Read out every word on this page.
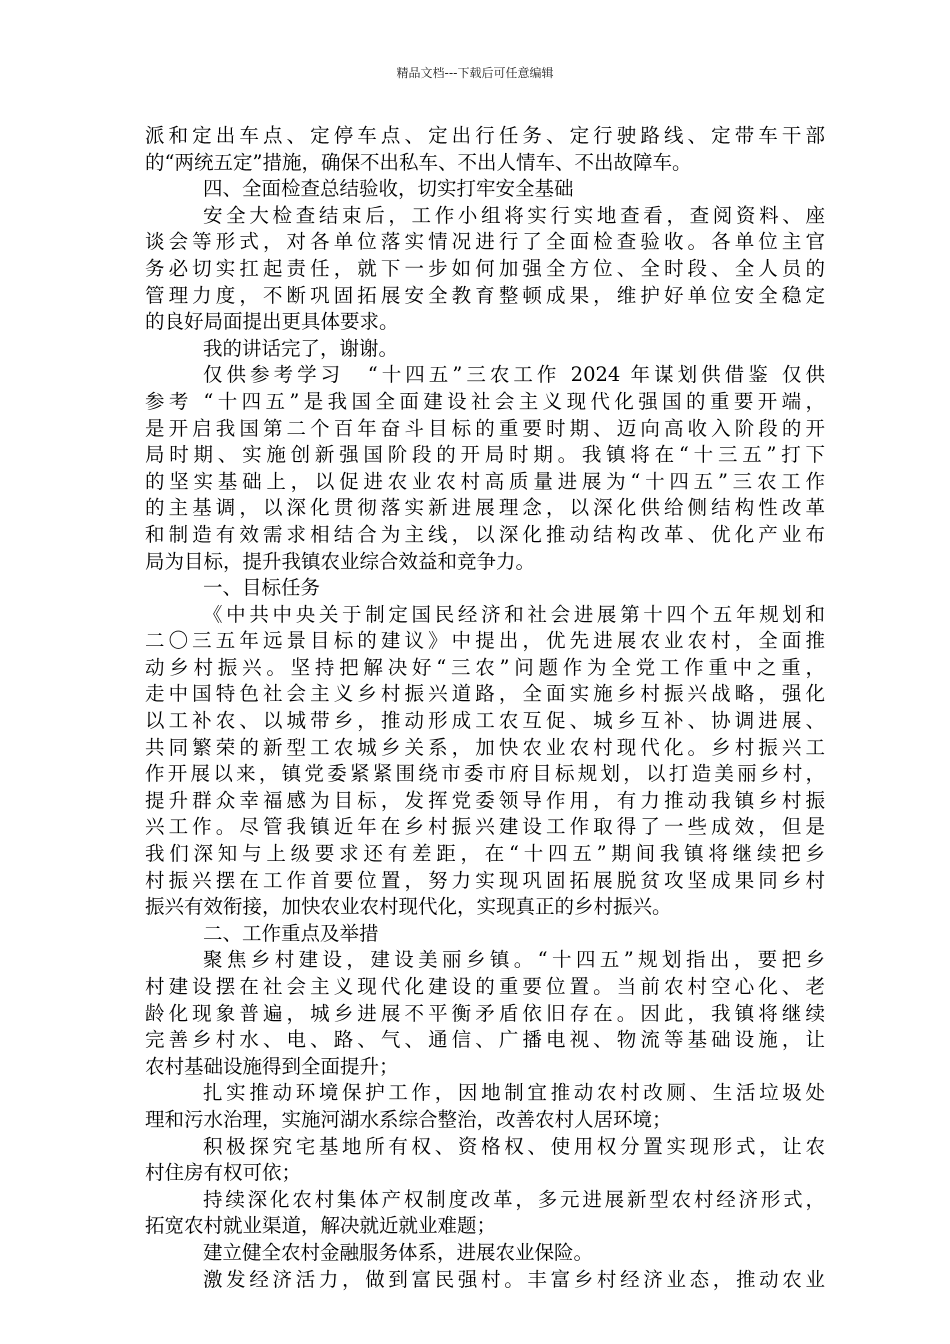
精品文档---下载后可任意编辑
派和定出车点、定停车点、定出行任务、定行驶路线、定带车干部
的“两统五定”措施，确保不出私车、不出人情车、不出故障车。
四、全面检查总结验收，切实打牢安全基础
安全大检查结束后，工作小组将实行实地查看，查阅资料、座
谈会等形式，对各单位落实情况进行了全面检查验收。各单位主官
务必切实扛起责任，就下一步如何加强全方位、全时段、全人员的
管理力度，不断巩固拓展安全教育整顿成果，维护好单位安全稳定
的良好局面提出更具体要求。
我的讲话完了，谢谢。
仅供参考学习　“十四五”三农工作 2024 年谋划供借鉴 仅供
参考 “十四五”是我国全面建设社会主义现代化强国的重要开端，
是开启我国第二个百年奋斗目标的重要时期、迈向高收入阶段的开
局时期、实施创新强国阶段的开局时期。我镇将在“十三五”打下
的坚实基础上，以促进农业农村高质量进展为“十四五”三农工作
的主基调，以深化贯彻落实新进展理念，以深化供给侧结构性改革
和制造有效需求相结合为主线，以深化推动结构改革、优化产业布
局为目标，提升我镇农业综合效益和竞争力。
一、目标任务
《中共中央关于制定国民经济和社会进展第十四个五年规划和
二〇三五年远景目标的建议》中提出，优先进展农业农村，全面推
动乡村振兴。坚持把解决好“三农”问题作为全党工作重中之重，
走中国特色社会主义乡村振兴道路，全面实施乡村振兴战略，强化
以工补农、以城带乡，推动形成工农互促、城乡互补、协调进展、
共同繁荣的新型工农城乡关系，加快农业农村现代化。乡村振兴工
作开展以来，镇党委紧紧围绕市委市府目标规划，以打造美丽乡村，
提升群众幸福感为目标，发挥党委领导作用，有力推动我镇乡村振
兴工作。尽管我镇近年在乡村振兴建设工作取得了一些成效，但是
我们深知与上级要求还有差距，在“十四五”期间我镇将继续把乡
村振兴摆在工作首要位置，努力实现巩固拓展脱贫攻坚成果同乡村
振兴有效衔接，加快农业农村现代化，实现真正的乡村振兴。
二、工作重点及举措
聚焦乡村建设，建设美丽乡镇。“十四五”规划指出，要把乡
村建设摆在社会主义现代化建设的重要位置。当前农村空心化、老
龄化现象普遍，城乡进展不平衡矛盾依旧存在。因此，我镇将继续
完善乡村水、电、路、气、通信、广播电视、物流等基础设施，让
农村基础设施得到全面提升；
扎实推动环境保护工作，因地制宜推动农村改厕、生活垃圾处
理和污水治理，实施河湖水系综合整治，改善农村人居环境；
积极探究宅基地所有权、资格权、使用权分置实现形式，让农
村住房有权可依；
持续深化农村集体产权制度改革，多元进展新型农村经济形式，
拓宽农村就业渠道，解决就近就业难题；
建立健全农村金融服务体系，进展农业保险。
激发经济活力，做到富民强村。丰富乡村经济业态，推动农业
